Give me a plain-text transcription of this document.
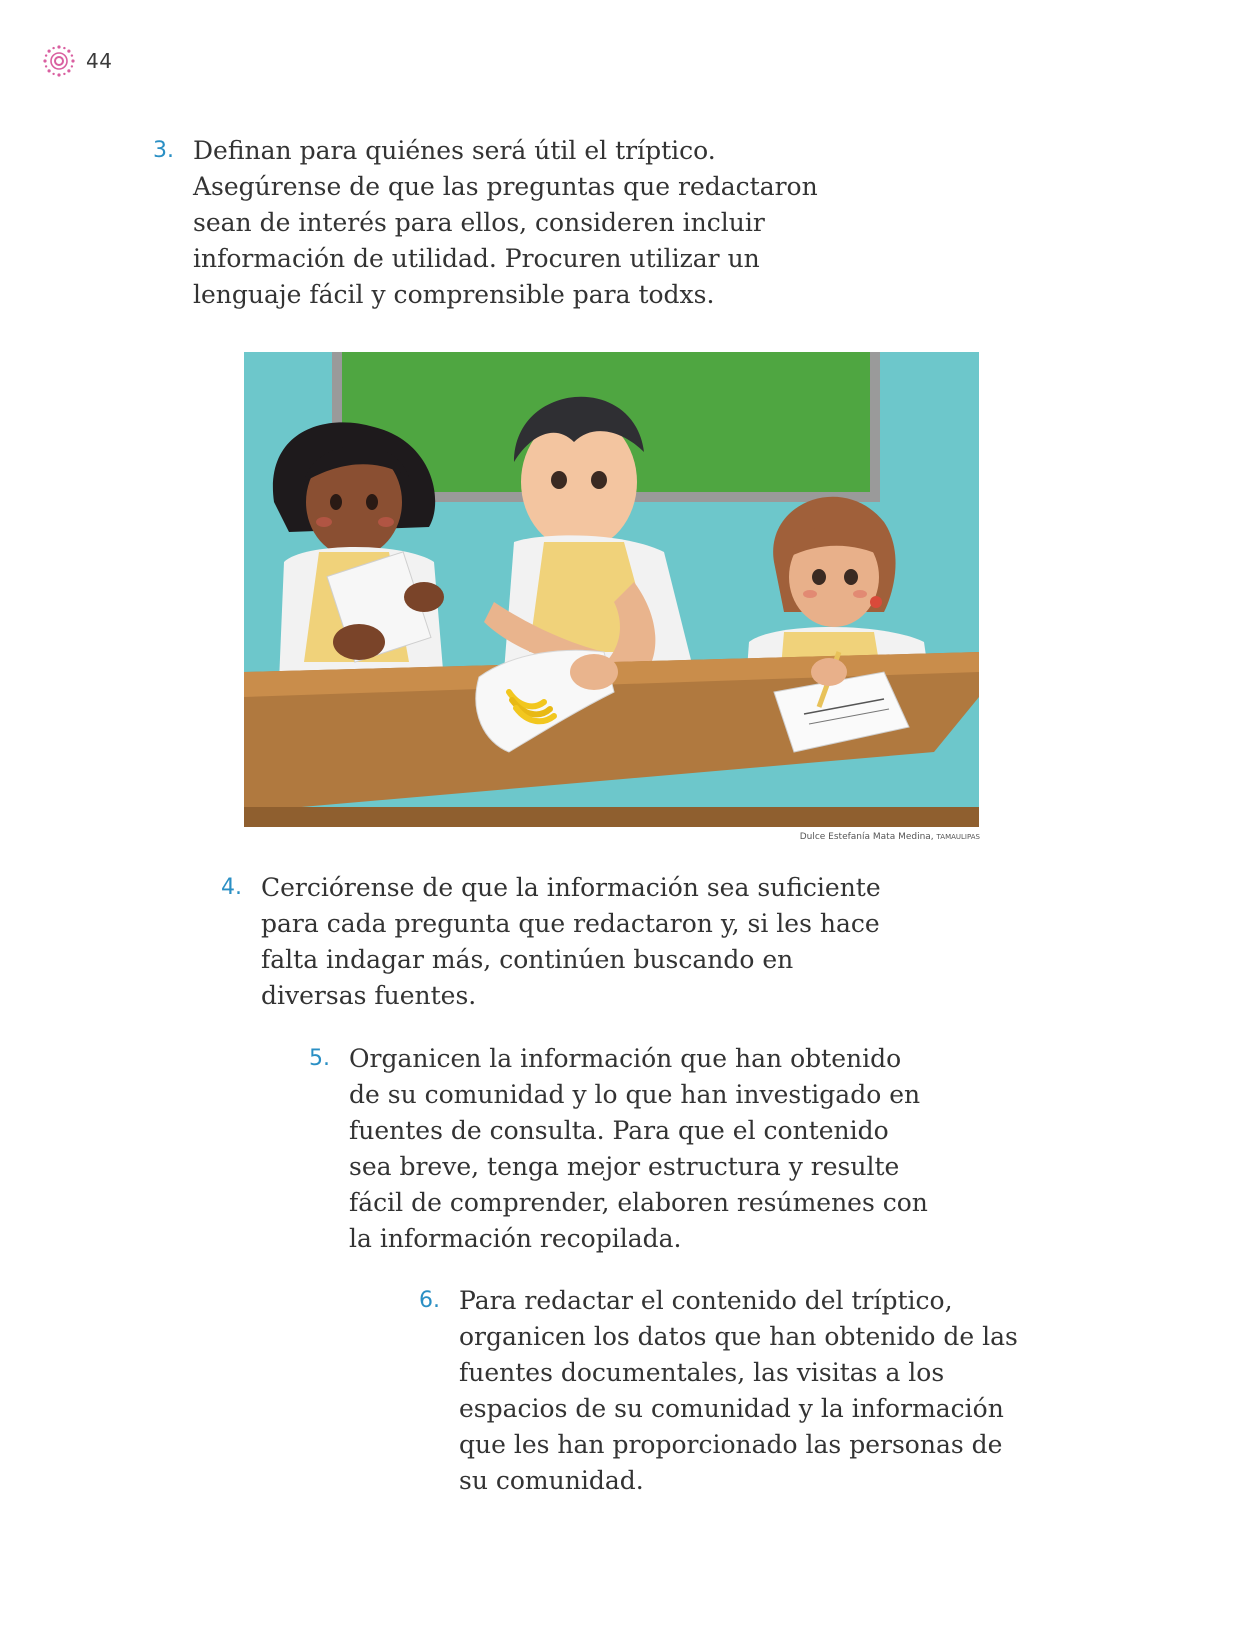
44
3. Definan para quiénes será útil el tríptico. Asegúrense de que las preguntas que redactaron sean de interés para ellos, consideren incluir información de utilidad. Procuren utilizar un lenguaje fácil y comprensible para todxs.
Dulce Estefanía Mata Medina, TAMAULIPAS
4. Cerciórense de que la información sea suficiente para cada pregunta que redactaron y, si les hace falta indagar más, continúen buscando en diversas fuentes.
5. Organicen la información que han obtenido de su comunidad y lo que han investigado en fuentes de consulta. Para que el contenido sea breve, tenga mejor estructura y resulte fácil de comprender, elaboren resúmenes con la información recopilada.
6. Para redactar el contenido del tríptico, organicen los datos que han obtenido de las fuentes documentales, las visitas a los espacios de su comunidad y la información que les han proporcionado las personas de su comunidad.
